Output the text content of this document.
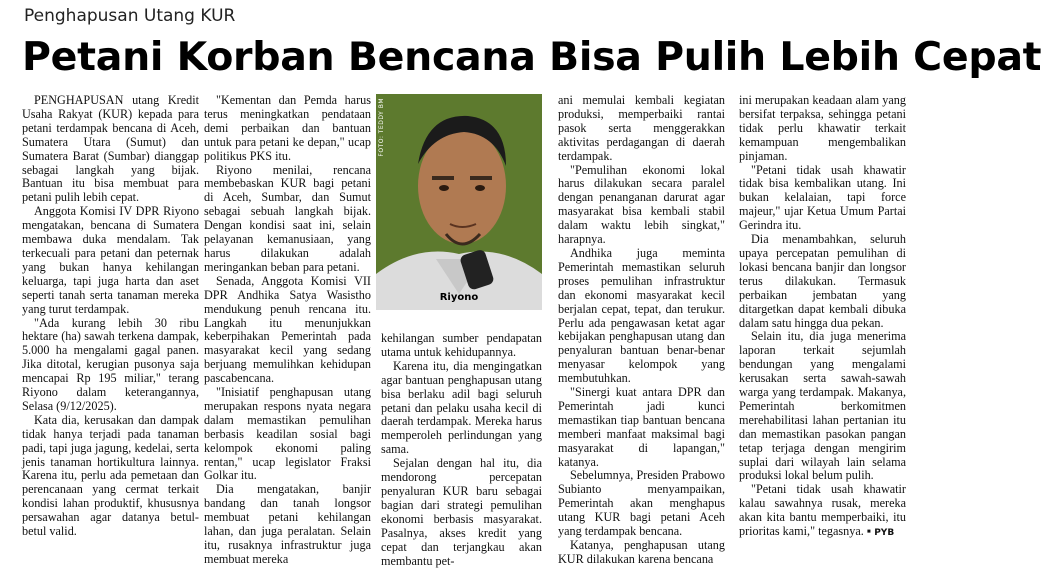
Penghapusan Utang KUR
Petani Korban Bencana Bisa Pulih Lebih Cepat

PENGHAPUSAN utang Kredit Usaha Rakyat (KUR) kepada para petani terdampak bencana di Aceh, Sumatera Utara (Sumut) dan Sumatera Barat (Sumbar) dianggap sebagai langkah yang bijak. Bantuan itu bisa membuat para petani pulih lebih cepat.

Anggota Komisi IV DPR Riyono mengatakan, bencana di Sumatera membawa duka mendalam. Tak terkecuali para petani dan peternak yang bukan hanya kehilangan keluarga, tapi juga harta dan aset seperti tanah serta tanaman mereka yang turut terdampak.

"Ada kurang lebih 30 ribu hektare (ha) sawah terkena dampak, 5.000 ha mengalami gagal panen. Jika ditotal, kerugian pusonya saja mencapai Rp 195 miliar," terang Riyono dalam keterangannya, Selasa (9/12/2025).

Kata dia, kerusakan dan dampak tidak hanya terjadi pada tanaman padi, tapi juga jagung, kedelai, serta jenis tanaman hortikultura lainnya. Karena itu, perlu ada pemetaan dan perencanaan yang cermat terkait kondisi lahan produktif, khususnya persawahan agar datanya betul-betul valid.

"Kementan dan Pemda harus terus meningkatkan pendataan demi perbaikan dan bantuan untuk para petani ke depan," ucap politikus PKS itu.

Riyono menilai, rencana membebaskan KUR bagi petani di Aceh, Sumbar, dan Sumut sebagai sebuah langkah bijak. Dengan kondisi saat ini, selain pelayanan kemanusiaan, yang harus dilakukan adalah meringankan beban para petani.

Senada, Anggota Komisi VII DPR Andhika Satya Wasistho mendukung penuh rencana itu. Langkah itu menunjukkan keberpihakan Pemerintah pada masyarakat kecil yang sedang berjuang memulihkan kehidupan pascabencana.

"Inisiatif penghapusan utang merupakan respons nyata negara dalam memastikan pemulihan berbasis keadilan sosial bagi kelompok ekonomi paling rentan," ucap legislator Fraksi Golkar itu.

Dia mengatakan, banjir bandang dan tanah longsor membuat petani kehilangan lahan, dan juga peralatan. Selain itu, rusaknya infrastruktur juga membuat mereka

FOTO: TEDDY BM
Riyono

kehilangan sumber pendapatan utama untuk kehidupannya.

Karena itu, dia mengingatkan agar bantuan penghapusan utang bisa berlaku adil bagi seluruh petani dan pelaku usaha kecil di daerah terdampak. Mereka harus memperoleh perlindungan yang sama.

Sejalan dengan hal itu, dia mendorong percepatan penyaluran KUR baru sebagai bagian dari strategi pemulihan ekonomi berbasis masyarakat. Pasalnya, akses kredit yang cepat dan terjangkau akan membantu pet-

ani memulai kembali kegiatan produksi, memperbaiki rantai pasok serta menggerakkan aktivitas perdagangan di daerah terdampak.

"Pemulihan ekonomi lokal harus dilakukan secara paralel dengan penanganan darurat agar masyarakat bisa kembali stabil dalam waktu lebih singkat," harapnya.

Andhika juga meminta Pemerintah memastikan seluruh proses pemulihan infrastruktur dan ekonomi masyarakat kecil berjalan cepat, tepat, dan terukur. Perlu ada pengawasan ketat agar kebijakan penghapusan utang dan penyaluran bantuan benar-benar menyasar kelompok yang membutuhkan.

"Sinergi kuat antara DPR dan Pemerintah jadi kunci memastikan tiap bantuan bencana memberi manfaat maksimal bagi masyarakat di lapangan," katanya.

Sebelumnya, Presiden Prabowo Subianto menyampaikan, Pemerintah akan menghapus utang KUR bagi petani Aceh yang terdampak bencana.

Katanya, penghapusan utang KUR dilakukan karena bencana

ini merupakan keadaan alam yang bersifat terpaksa, sehingga petani tidak perlu khawatir terkait kemampuan mengembalikan pinjaman.

"Petani tidak usah khawatir tidak bisa kembalikan utang. Ini bukan kelalaian, tapi force majeur," ujar Ketua Umum Partai Gerindra itu.

Dia menambahkan, seluruh upaya percepatan pemulihan di lokasi bencana banjir dan longsor terus dilakukan. Termasuk perbaikan jembatan yang ditargetkan dapat kembali dibuka dalam satu hingga dua pekan.

Selain itu, dia juga menerima laporan terkait sejumlah bendungan yang mengalami kerusakan serta sawah-sawah warga yang terdampak. Makanya, Pemerintah berkomitmen merehabilitasi lahan pertanian itu dan memastikan pasokan pangan tetap terjaga dengan mengirim suplai dari wilayah lain selama produksi lokal belum pulih.

"Petani tidak usah khawatir kalau sawahnya rusak, mereka akan kita bantu memperbaiki, itu prioritas kami," tegasnya. ▪ PYB
